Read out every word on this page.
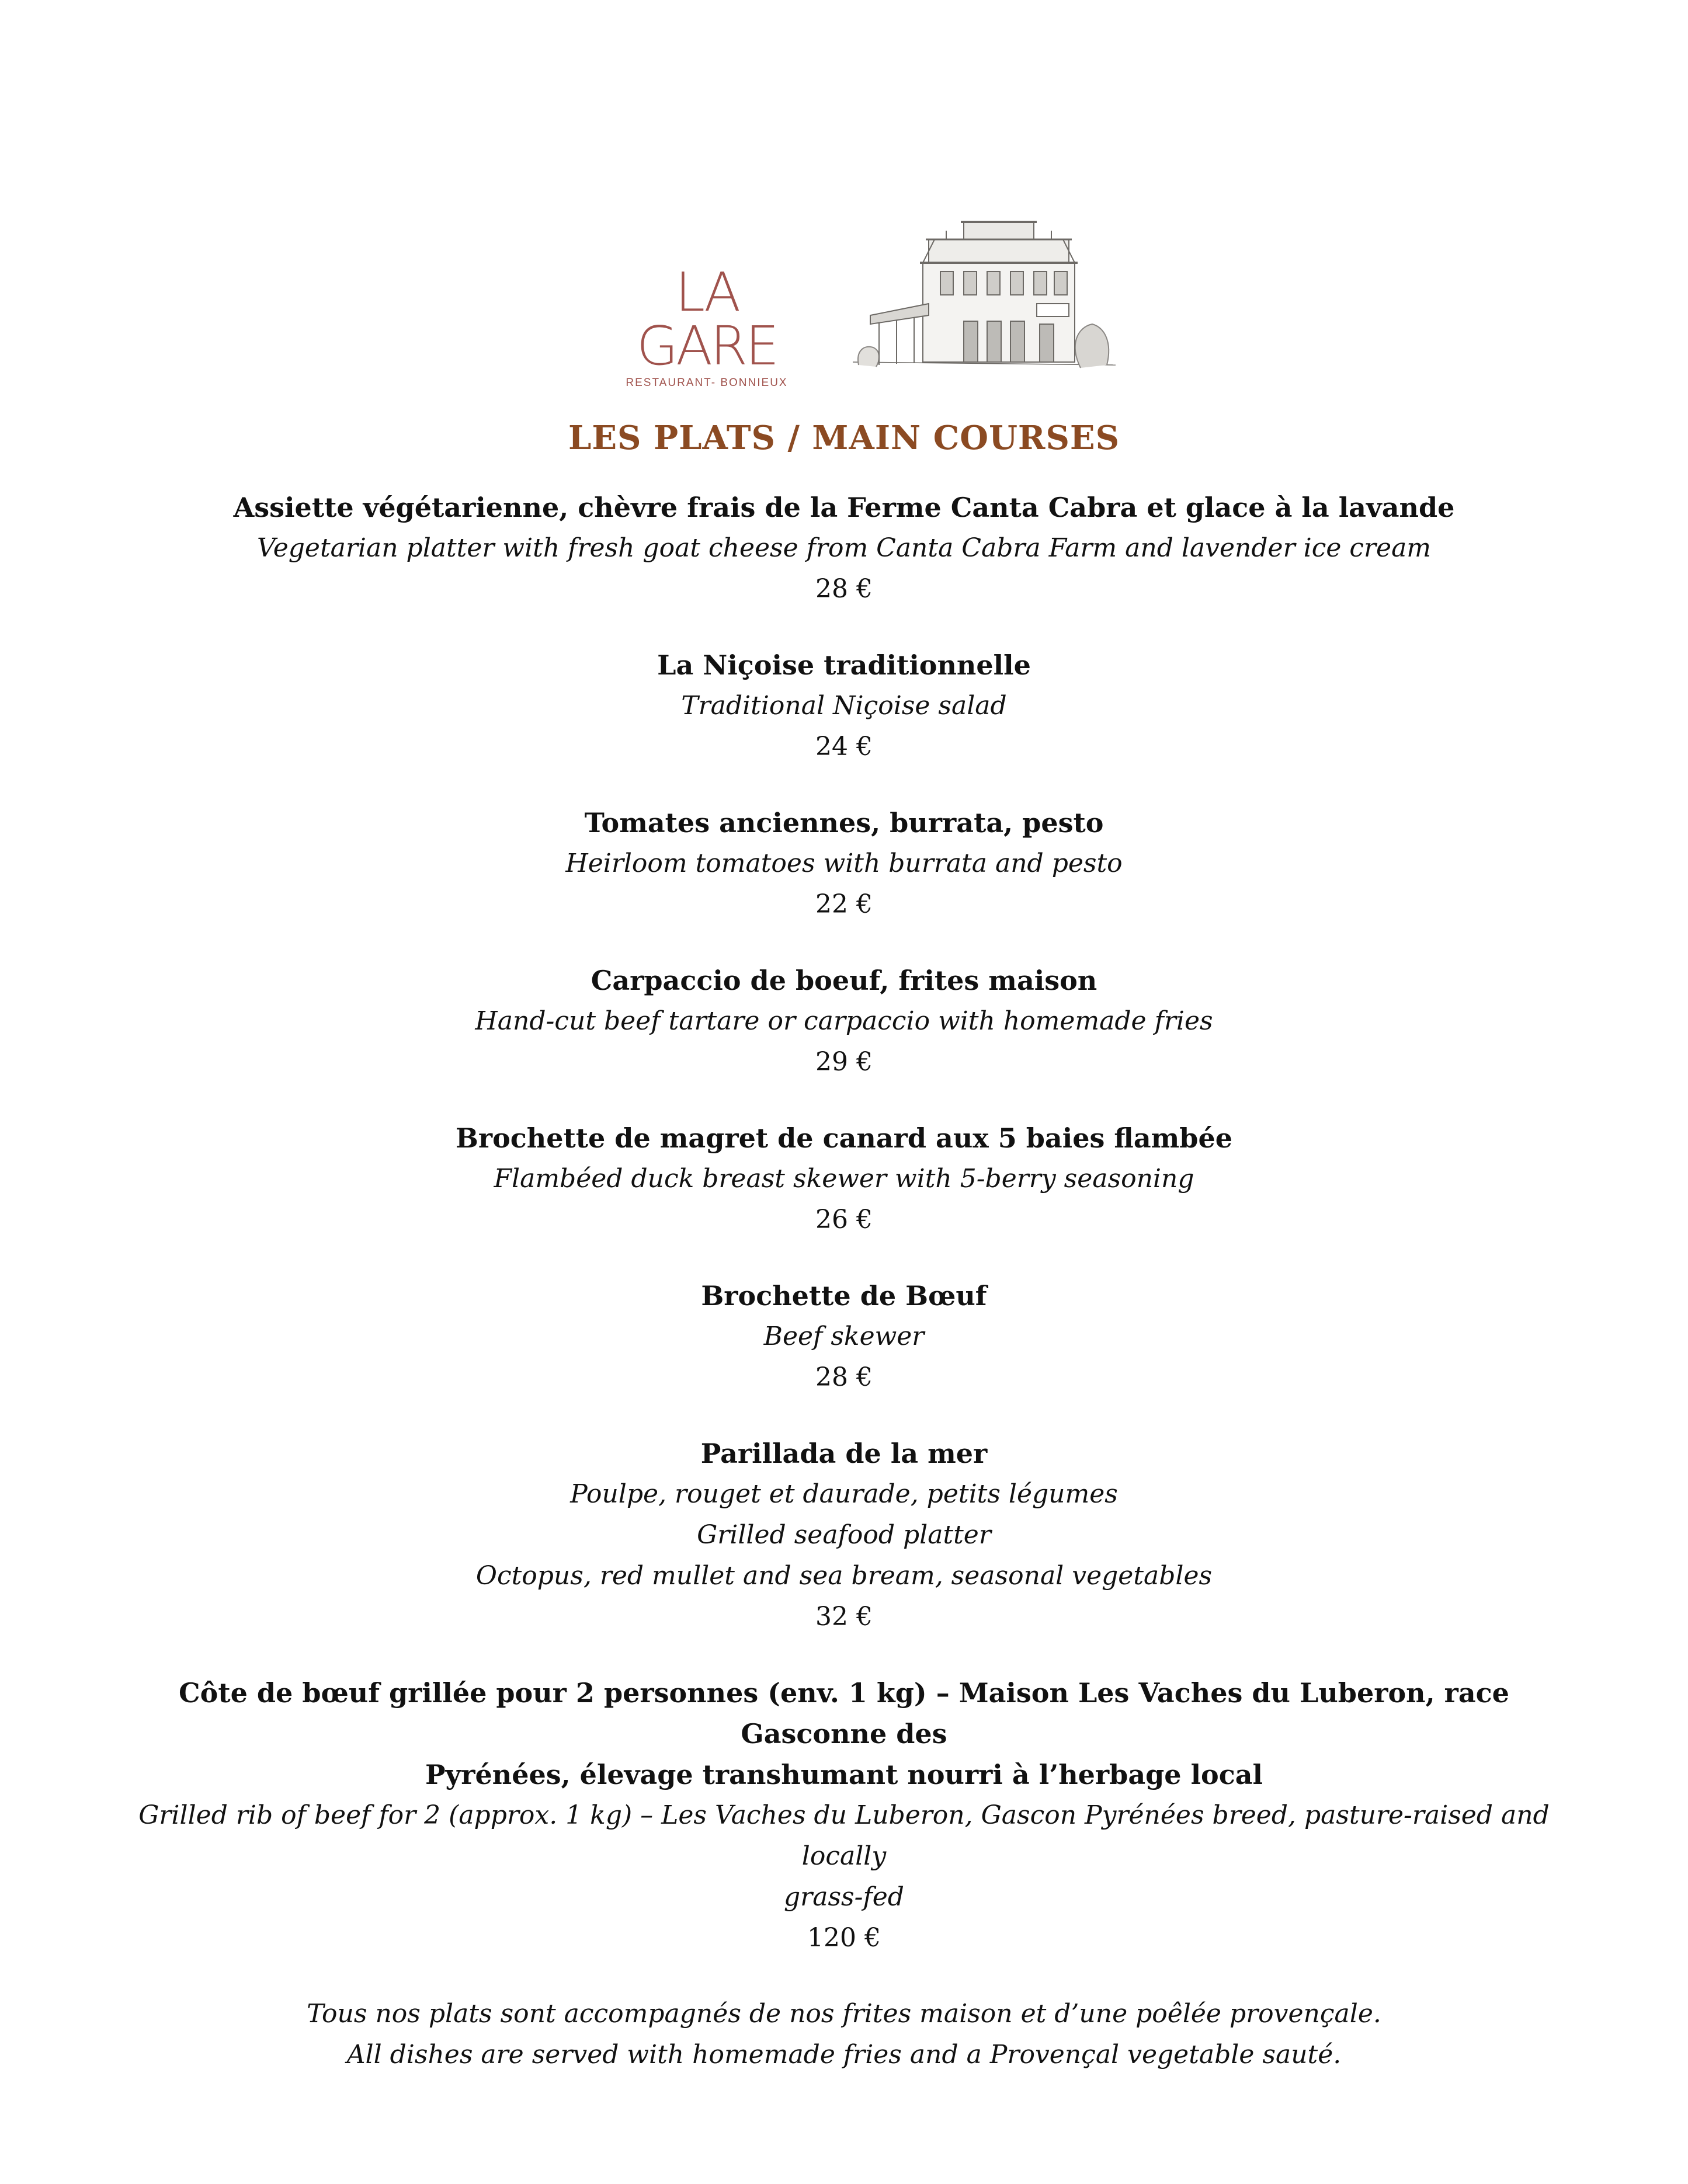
LA GARE
RESTAURANT- BONNIEUX
LES PLATS / MAIN COURSES
Assiette végétarienne, chèvre frais de la Ferme Canta Cabra et glace à la lavande
Vegetarian platter with fresh goat cheese from Canta Cabra Farm and lavender ice cream
28 €
La Niçoise traditionnelle
Traditional Niçoise salad
24 €
Tomates anciennes, burrata, pesto
Heirloom tomatoes with burrata and pesto
22 €
Carpaccio de boeuf, frites maison
Hand-cut beef tartare or carpaccio with homemade fries
29 €
Brochette de magret de canard aux 5 baies flambée
Flambéed duck breast skewer with 5-berry seasoning
26 €
Brochette de Bœuf
Beef skewer
28 €
Parillada de la mer
Poulpe, rouget et daurade, petits légumes
Grilled seafood platter
Octopus, red mullet and sea bream, seasonal vegetables
32 €
Côte de bœuf grillée pour 2 personnes (env. 1 kg) – Maison Les Vaches du Luberon, race Gasconne des
Pyrénées, élevage transhumant nourri à l’herbage local
Grilled rib of beef for 2 (approx. 1 kg) – Les Vaches du Luberon, Gascon Pyrénées breed, pasture-raised and locally
grass-fed
120 €
Tous nos plats sont accompagnés de nos frites maison et d’une poêlée provençale.
All dishes are served with homemade fries and a Provençal vegetable sauté.
